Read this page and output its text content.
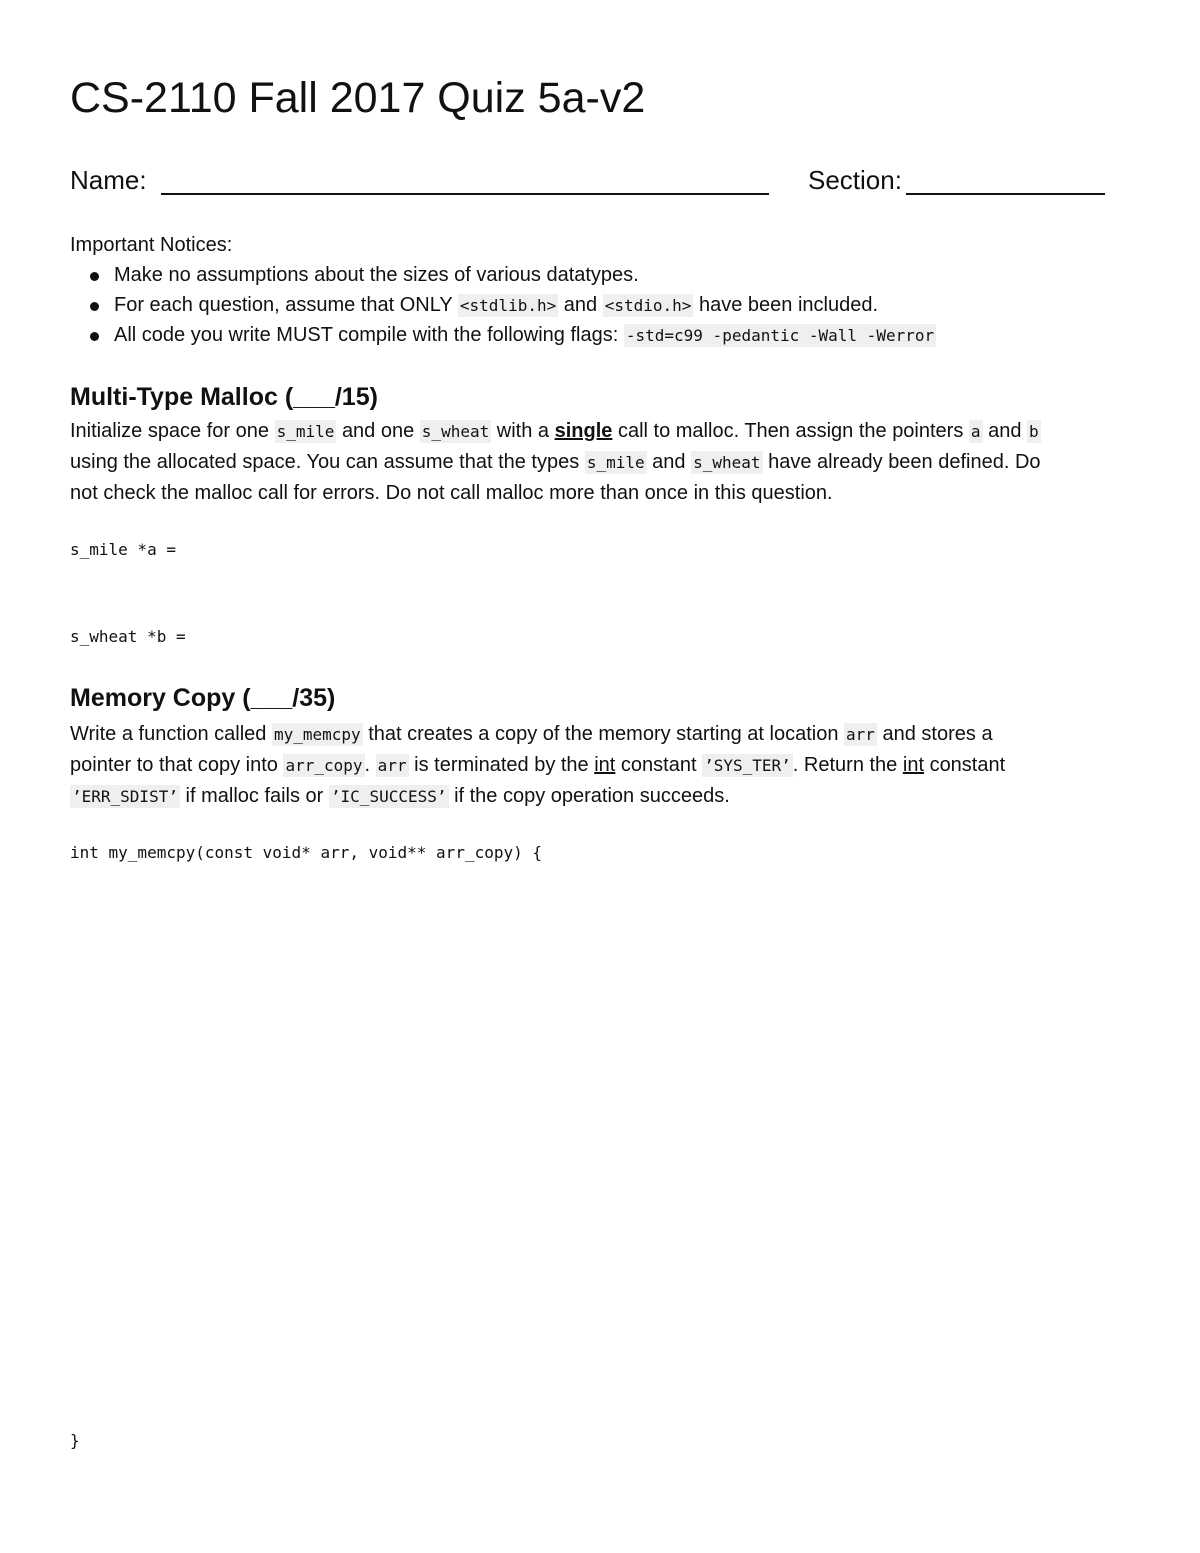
CS-2110 Fall 2017 Quiz 5a-v2
Name:	Section:
Important Notices:
Make no assumptions about the sizes of various datatypes.
For each question, assume that ONLY <stdlib.h> and <stdio.h> have been included.
All code you write MUST compile with the following flags: -std=c99 -pedantic -Wall -Werror
Multi-Type Malloc (___/15)
Initialize space for one s_mile and one s_wheat with a single call to malloc. Then assign the pointers a and b
using the allocated space. You can assume that the types s_mile and s_wheat have already been defined. Do
not check the malloc call for errors. Do not call malloc more than once in this question.
s_mile *a =
s_wheat *b =
Memory Copy (___/35)
Write a function called my_memcpy that creates a copy of the memory starting at location arr and stores a
pointer to that copy into arr_copy . arr is terminated by the int constant ’SYS_TER’ . Return the int constant
’ERR_SDIST’ if malloc fails or ’IC_SUCCESS’ if the copy operation succeeds.
int my_memcpy(const void* arr, void** arr_copy) {
}
